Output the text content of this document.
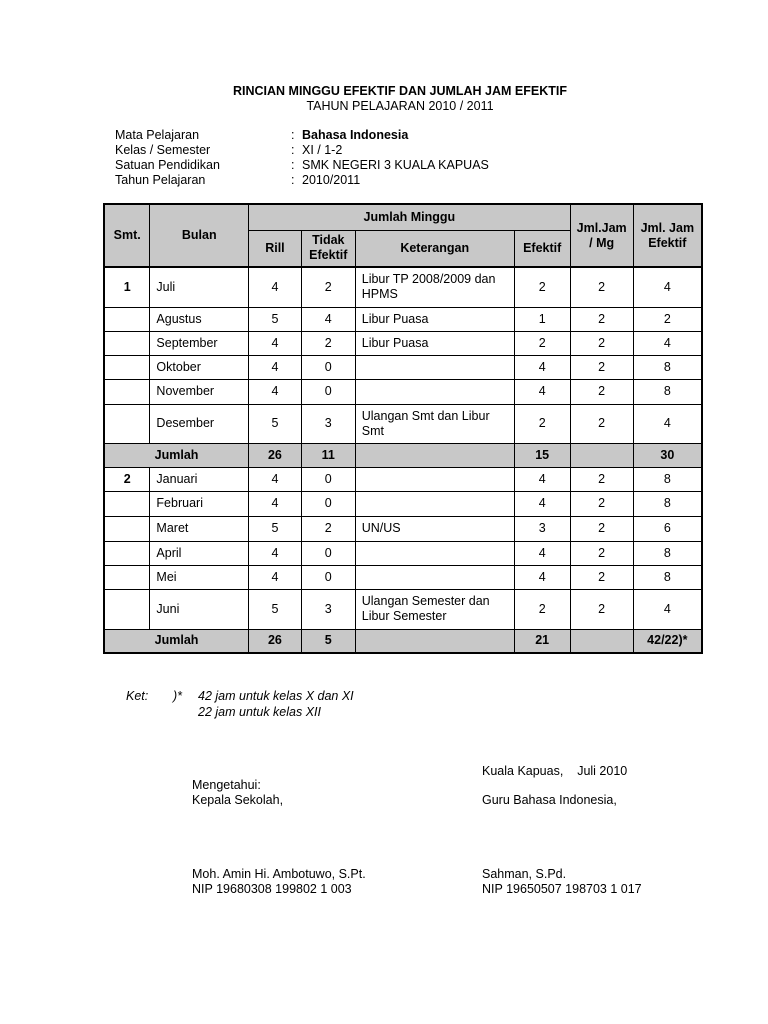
RINCIAN MINGGU EFEKTIF DAN JUMLAH JAM EFEKTIF
TAHUN PELAJARAN 2010 / 2011
Mata Pelajaran	: Bahasa Indonesia
Kelas / Semester	: XI / 1-2
Satuan Pendidikan	: SMK NEGERI 3 KUALA KAPUAS
Tahun Pelajaran	: 2010/2011
Smt.	Bulan	Jumlah Minggu				Jml.Jam / Mg	Jml. Jam Efektif
		Rill	Tidak Efektif	Keterangan	Efektif		
1	Juli	4	2	Libur TP 2008/2009 dan HPMS	2	2	4
	Agustus	5	4	Libur Puasa	1	2	2
	September	4	2	Libur Puasa	2	2	4
	Oktober	4	0		4	2	8
	November	4	0		4	2	8
	Desember	5	3	Ulangan Smt dan Libur Smt	2	2	4
Jumlah		26	11		15		30
2	Januari	4	0		4	2	8
	Februari	4	0		4	2	8
	Maret	5	2	UN/US	3	2	6
	April	4	0		4	2	8
	Mei	4	0		4	2	8
	Juni	5	3	Ulangan Semester dan Libur Semester	2	2	4
Jumlah		26	5		21		42/22)*
Ket: )* 42 jam untuk kelas X dan XI
22 jam untuk kelas XII
Kuala Kapuas,    Juli 2010
Mengetahui:
Kepala Sekolah,	Guru Bahasa Indonesia,
Moh. Amin Hi. Ambotuwo, S.Pt.
NIP 19680308 199802 1 003
Sahman, S.Pd.
NIP 19650507 198703 1 017
